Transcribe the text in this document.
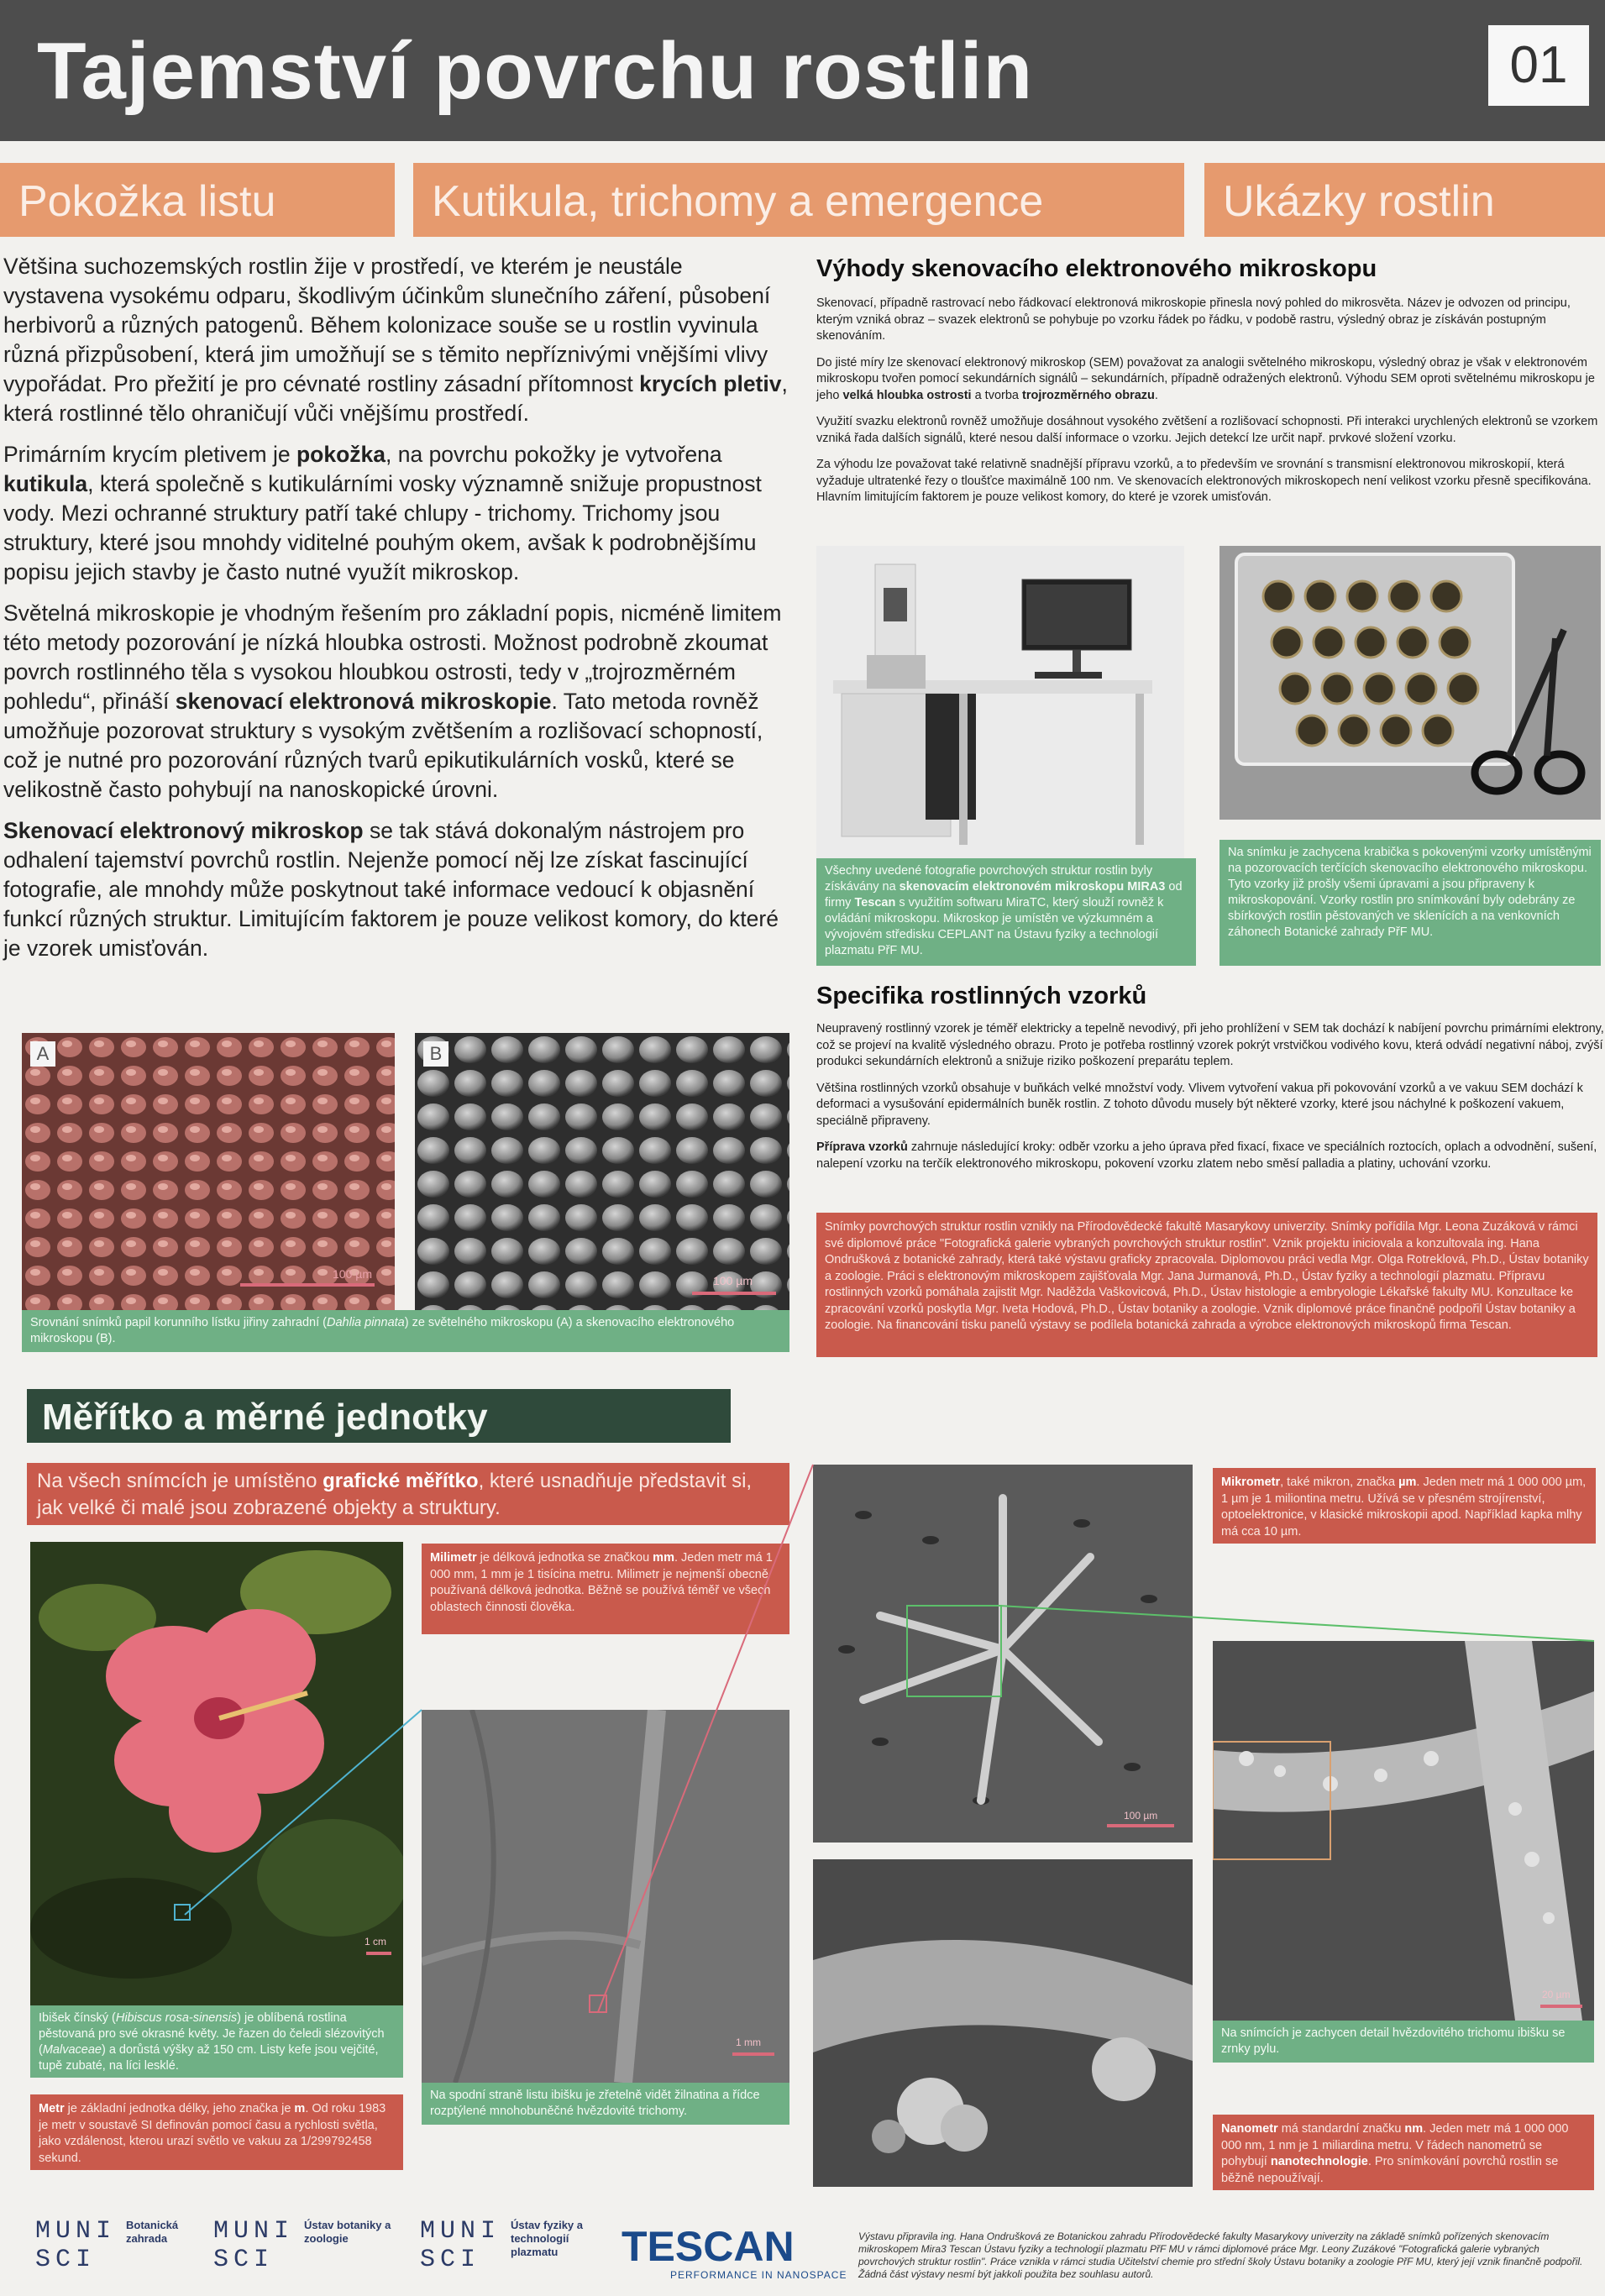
Tajemství povrchu rostlin	01
Pokožka listu	Kutikula, trichomy a emergence	Ukázky rostlin

Většina suchozemských rostlin žije v prostředí, ve kterém je neustále vystavena vysokému odparu, škodlivým účinkům slunečního záření, působení herbivorů a různých patogenů. Během kolonizace souše se u rostlin vyvinula různá přizpůsobení, která jim umožňují se s těmito nepříznivými vnějšími vlivy vypořádat. Pro přežití je pro cévnaté rostliny zásadní přítomnost krycích pletiv, která rostlinné tělo ohraničují vůči vnějšímu prostředí.

Primárním krycím pletivem je pokožka, na povrchu pokožky je vytvořena kutikula, která společně s kutikulárními vosky významně snižuje propustnost vody. Mezi ochranné struktury patří také chlupy - trichomy. Trichomy jsou struktury, které jsou mnohdy viditelné pouhým okem, avšak k podrobnějšímu popisu jejich stavby je často nutné využít mikroskop.

Světelná mikroskopie je vhodným řešením pro základní popis, nicméně limitem této metody pozorování je nízká hloubka ostrosti. Možnost podrobně zkoumat povrch rostlinného těla s vysokou hloubkou ostrosti, tedy v „trojrozměrném pohledu“, přináší skenovací elektronová mikroskopie. Tato metoda rovněž umožňuje pozorovat struktury s vysokým zvětšením a rozlišovací schopností, což je nutné pro pozorování různých tvarů epikutikulárních vosků, které se velikostně často pohybují na nanoskopické úrovni.

Skenovací elektronový mikroskop se tak stává dokonalým nástrojem pro odhalení tajemství povrchů rostlin. Nejenže pomocí něj lze získat fascinující fotografie, ale mnohdy může poskytnout také informace vedoucí k objasnění funkcí různých struktur. Limitujícím faktorem je pouze velikost komory, do které je vzorek umisťován.

100 µm
A
100 µm
B
Srovnání snímků papil korunního lístku jiřiny zahradní (Dahlia pinnata) ze světelného mikroskopu (A) a skenovacího elektronového mikroskopu (B).
Výhody skenovacího elektronového mikroskopu

Skenovací, případně rastrovací nebo řádkovací elektronová mikroskopie přinesla nový pohled do mikrosvěta. Název je odvozen od principu, kterým vzniká obraz – svazek elektronů se pohybuje po vzorku řádek po řádku, v podobě rastru, výsledný obraz je získáván postupným skenováním.

Do jisté míry lze skenovací elektronový mikroskop (SEM) považovat za analogii světelného mikroskopu, výsledný obraz je však v elektronovém mikroskopu tvořen pomocí sekundárních signálů – sekundárních, případně odražených elektronů. Výhodu SEM oproti světelnému mikroskopu je jeho velká hloubka ostrosti a tvorba trojrozměrného obrazu.

Využití svazku elektronů rovněž umožňuje dosáhnout vysokého zvětšení a rozlišovací schopnosti. Při interakci urychlených elektronů se vzorkem vzniká řada dalších signálů, které nesou další informace o vzorku. Jejich detekcí lze určit např. prvkové složení vzorku.

Za výhodu lze považovat také relativně snadnější přípravu vzorků, a to především ve srovnání s transmisní elektronovou mikroskopií, která vyžaduje ultratenké řezy o tloušťce maximálně 100 nm. Ve skenovacích elektronových mikroskopech není velikost vzorku přesně specifikována. Hlavním limitujícím faktorem je pouze velikost komory, do které je vzorek umisťován.

Všechny uvedené fotografie povrchových struktur rostlin byly získávány na skenovacím elektronovém mikroskopu MIRA3 od firmy Tescan s využitím softwaru MiraTC, který slouží rovněž k ovládání mikroskopu. Mikroskop je umístěn ve výzkumném a vývojovém středisku CEPLANT na Ústavu fyziky a technologií plazmatu PřF MU.
Na snímku je zachycena krabička s pokovenými vzorky umístěnými na pozorovacích terčících skenovacího elektronového mikroskopu. Tyto vzorky již prošly všemi úpravami a jsou připraveny k mikroskopování. Vzorky rostlin pro snímkování byly odebrány ze sbírkových rostlin pěstovaných ve sklenících a na venkovních záhonech Botanické zahrady PřF MU.
Specifika rostlinných vzorků

Neupravený rostlinný vzorek je téměř elektricky a tepelně nevodivý, při jeho prohlížení v SEM tak dochází k nabíjení povrchu primárními elektrony, což se projeví na kvalitě výsledného obrazu. Proto je potřeba rostlinný vzorek pokrýt vrstvičkou vodivého kovu, která odvádí negativní náboj, zvýší produkci sekundárních elektronů a snižuje riziko poškození preparátu teplem.

Většina rostlinných vzorků obsahuje v buňkách velké množství vody. Vlivem vytvoření vakua při pokovování vzorků a ve vakuu SEM dochází k deformaci a vysušování epidermálních buněk rostlin. Z tohoto důvodu musely být některé vzorky, které jsou náchylné k poškození vakuem, speciálně připraveny.

Příprava vzorků zahrnuje následující kroky: odběr vzorku a jeho úprava před fixací, fixace ve speciálních roztocích, oplach a odvodnění, sušení, nalepení vzorku na terčík elektronového mikroskopu, pokovení vzorku zlatem nebo směsí palladia a platiny, uchování vzorku.

Snímky povrchových struktur rostlin vznikly na Přírodovědecké fakultě Masarykovy univerzity. Snímky pořídila Mgr. Leona Zuzáková v rámci své diplomové práce "Fotografická galerie vybraných povrchových struktur rostlin". Vznik projektu iniciovala a konzultovala ing. Hana Ondrušková z botanické zahrady, která také výstavu graficky zpracovala. Diplomovou práci vedla Mgr. Olga Rotreklová, Ph.D., Ústav botaniky a zoologie. Práci s elektronovým mikroskopem zajišťovala Mgr. Jana Jurmanová, Ph.D., Ústav fyziky a technologií plazmatu. Přípravu rostlinných vzorků pomáhala zajistit Mgr. Naděžda Vaškovicová, Ph.D., Ústav histologie a embryologie Lékařské fakulty MU. Konzultace ke zpracování vzorků poskytla Mgr. Iveta Hodová, Ph.D., Ústav botaniky a zoologie. Vznik diplomové práce finančně podpořil Ústav botaniky a zoologie. Na financování tisku panelů výstavy se podílela botanická zahrada a výrobce elektronových mikroskopů firma Tescan.
Měřítko a měrné jednotky
Na všech snímcích je umístěno grafické měřítko, které usnadňuje představit si, jak velké či malé jsou zobrazené objekty a struktury.
1 cm
Ibišek čínský (Hibiscus rosa-sinensis) je oblíbená rostlina pěstovaná pro své okrasné květy. Je řazen do čeledi slézovitých (Malvaceae) a dorůstá výšky až 150 cm. Listy kefe jsou vejčité, tupě zubaté, na líci lesklé.
Metr je základní jednotka délky, jeho značka je m. Od roku 1983 je metr v soustavě SI definován pomocí času a rychlosti světla, jako vzdálenost, kterou urazí světlo ve vakuu za 1/299792458 sekund.
Milimetr je délková jednotka se značkou mm. Jeden metr má 1 000 mm, 1 mm je 1 tisícina metru. Milimetr je nejmenší obecně používaná délková jednotka. Běžně se používá téměř ve všech oblastech činnosti člověka.
1 mm
Na spodní straně listu ibišku je zřetelně vidět žilnatina a řídce rozptýlené mnohobuněčné hvězdovité trichomy.
100 µm
Mikrometr, také mikron, značka µm. Jeden metr má 1 000 000 µm, 1 µm je 1 miliontina metru. Užívá se v přesném strojírenství, optoelektronice, v klasické mikroskopii apod. Například kapka mlhy má cca 10 µm.
20 µm
Na snímcích je zachycen detail hvězdovitého trichomu ibišku se zrnky pylu.
Nanometr má standardní značku nm. Jeden metr má 1 000 000 000 nm, 1 nm je 1 miliardina metru. V řádech nanometrů se pohybují nanotechnologie. Pro snímkování povrchů rostlin se běžně nepoužívají.
MUNI
SCI
Botanická zahrada	MUNI
SCI
Ústav botaniky a zoologie	MUNI
SCI
Ústav fyziky a technologií plazmatu	TESCAN
PERFORMANCE IN NANOSPACE
Výstavu připravila ing. Hana Ondrušková ze Botanickou zahradu Přírodovědecké fakulty Masarykovy univerzity na základě snímků pořízených skenovacím mikroskopem Mira3 Tescan Ústavu fyziky a technologií plazmatu PřF MU v rámci diplomové práce Mgr. Leony Zuzákové "Fotografická galerie vybraných povrchových struktur rostlin". Práce vznikla v rámci studia Učitelství chemie pro střední školy Ústavu botaniky a zoologie PřF MU, který její vznik finančně podpořil. Žádná část výstavy nesmí být jakkoli použita bez souhlasu autorů.
